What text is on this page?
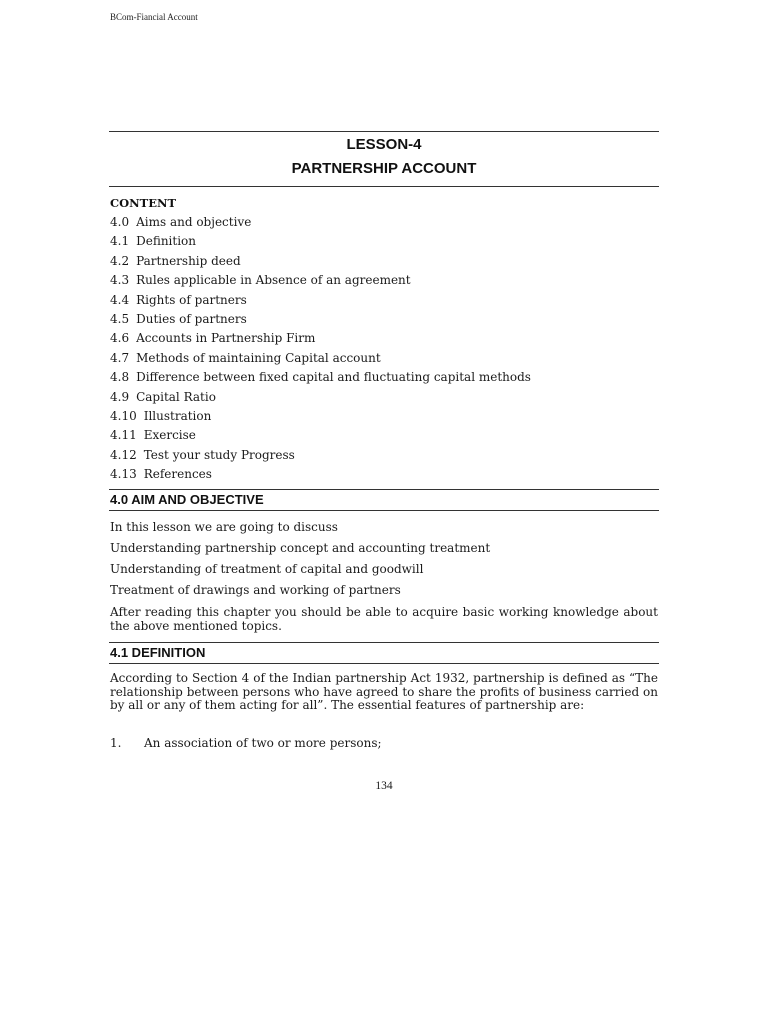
BCom-Fiancial Account
LESSON-4
PARTNERSHIP ACCOUNT
CONTENT
4.0 Aims and objective
4.1 Definition
4.2 Partnership deed
4.3 Rules applicable in Absence of an agreement
4.4 Rights of partners
4.5 Duties of partners
4.6 Accounts in Partnership Firm
4.7 Methods of maintaining Capital account
4.8 Difference between fixed capital and fluctuating capital methods
4.9 Capital Ratio
4.10 Illustration
4.11 Exercise
4.12 Test your study Progress
4.13 References
4.0 AIM AND OBJECTIVE

In this lesson we are going to discuss

Understanding partnership concept and accounting treatment

Understanding of treatment of capital and goodwill

Treatment of drawings and working of partners

After reading this chapter you should be able to acquire basic working knowledge about the above mentioned topics.

4.1 DEFINITION

According to Section 4 of the Indian partnership Act 1932, partnership is defined as “The relationship between persons who have agreed to share the profits of business carried on by all or any of them acting for all”. The essential features of partnership are:

1. An association of two or more persons;
134
